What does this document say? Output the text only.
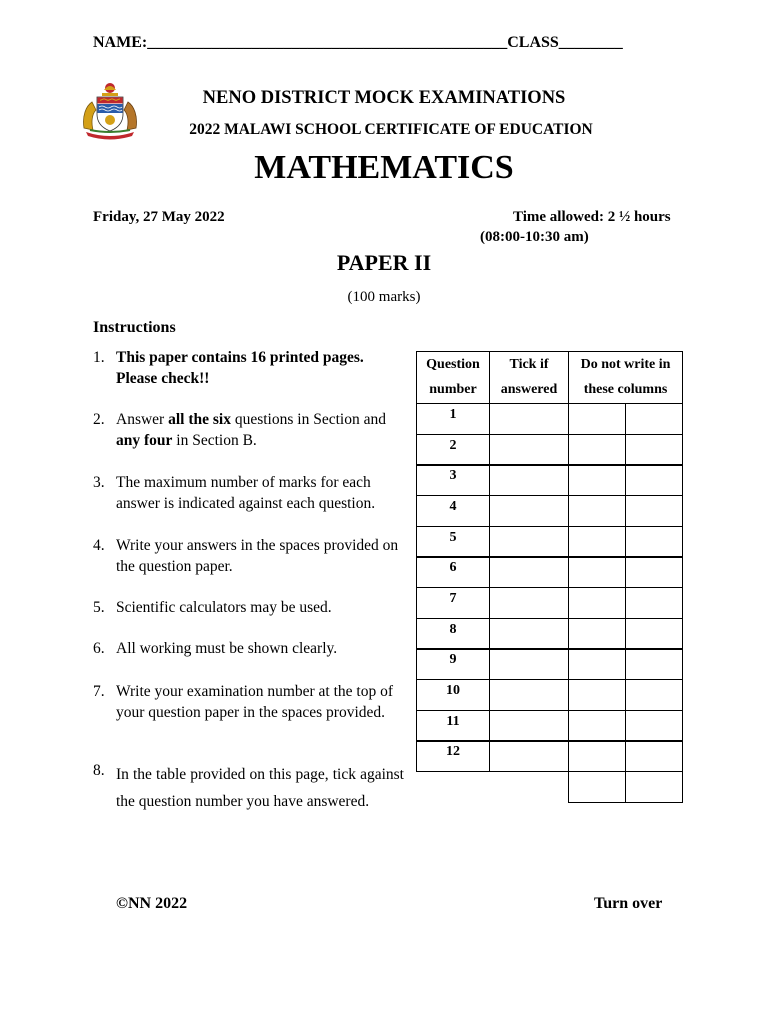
NAME:_____________________________________________CLASS________
NENO DISTRICT MOCK EXAMINATIONS
2022 MALAWI SCHOOL CERTIFICATE OF EDUCATION
MATHEMATICS
Friday, 27 May 2022	Time allowed: 2 ½ hours
(08:00-10:30 am)
PAPER II
(100 marks)
Instructions
1. This paper contains 16 printed pages. Please check!!
2. Answer all the six questions in Section and any four in Section B.
3. The maximum number of marks for each answer is indicated against each question.
4. Write your answers in the spaces provided on the question paper.
5. Scientific calculators may be used.
6. All working must be shown clearly.
7. Write your examination number at the top of your question paper in the spaces provided.
8. In the table provided on this page, tick against the question number you have answered.
Question
number
Tick if
answered
Do not write in
these columns
1
2
3
4
5
6
7
8
9
10
11
12
©NN 2022	Turn over
